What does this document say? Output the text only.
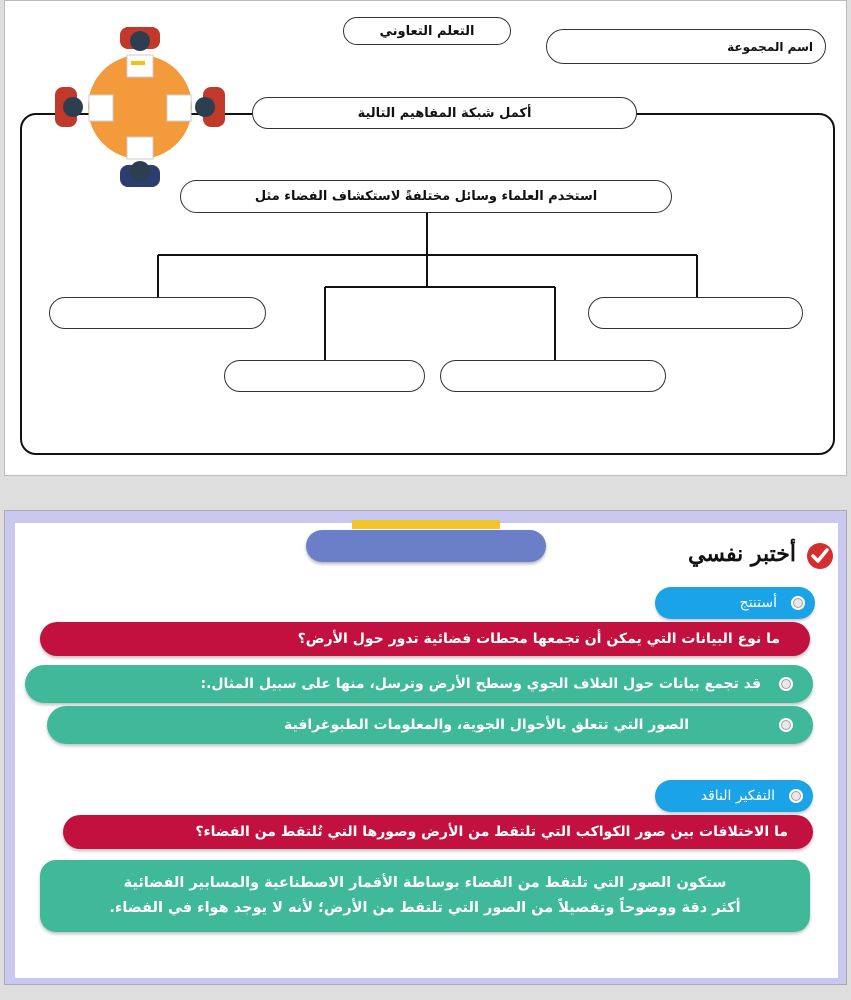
التعلم التعاوني
اسم المجموعة
أكمل شبكة المفاهيم التالية
استخدم العلماء وسائل مختلفةً لاستكشاف الفضاء مثل
أختبر نفسي
أستنتج
ما نوع البيانات التي يمكن أن تجمعها محطات فضائية تدور حول الأرض؟
قد تجمع بيانات حول الغلاف الجوي وسطح الأرض وترسل، منها على سبيل المثال.:
الصور التي تتعلق بالأحوال الجوية، والمعلومات الطبوغرافية
التفكير الناقد
ما الاختلافات بين صور الكواكب التي تلتقط من الأرض وصورها التي تُلتقط من الفضاء؟
ستكون الصور التي تلتقط من الفضاء بوساطة الأقمار الاصطناعية والمسابير الفضائية
أكثر دقة ووضوحاً وتفصيلاً من الصور التي تلتقط من الأرض؛ لأنه لا يوجد هواء في الفضاء.
